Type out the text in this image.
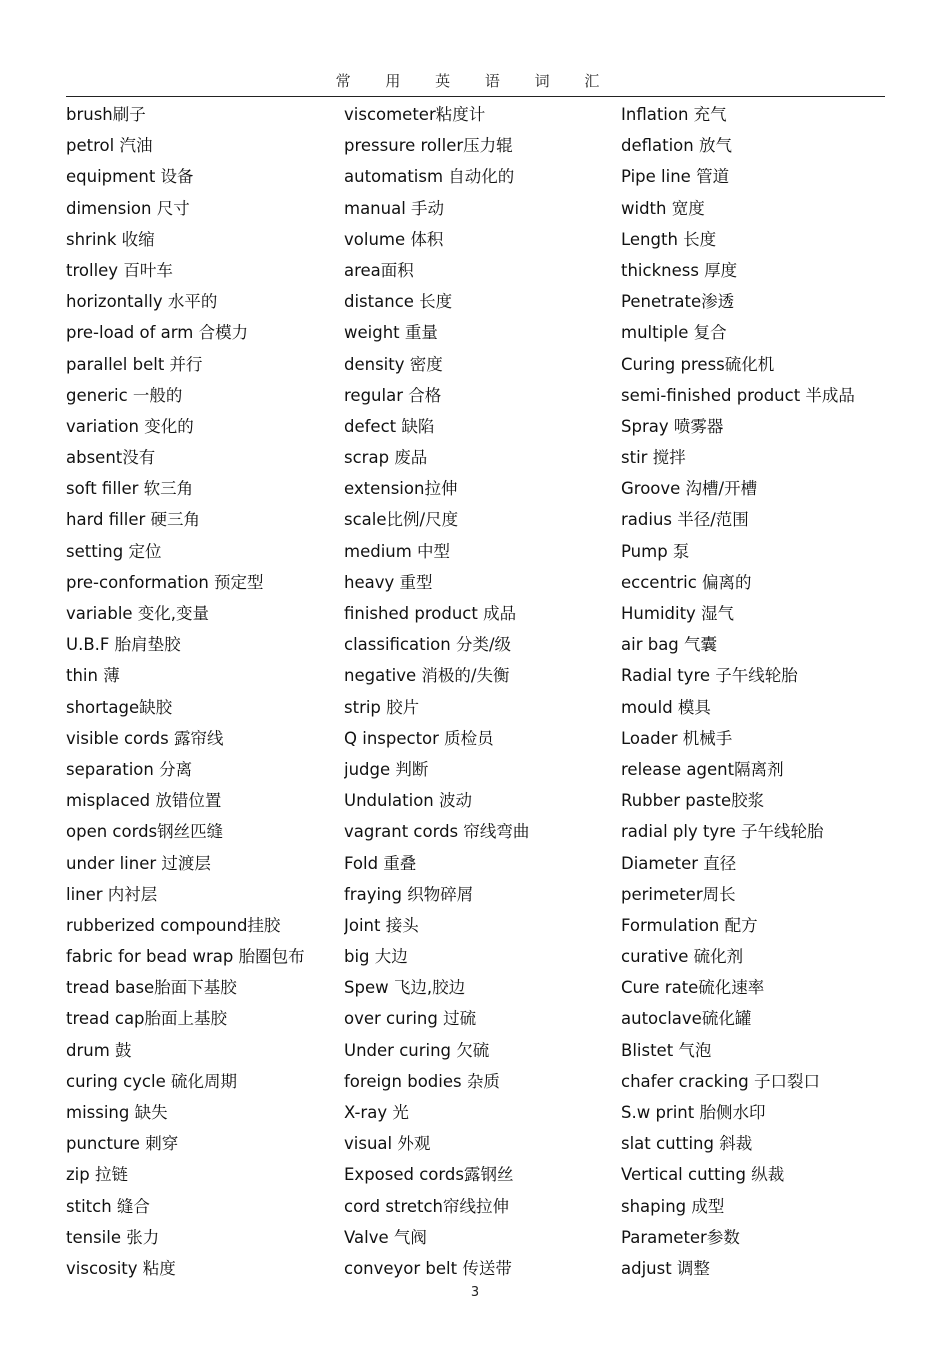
常 用 英 语 词 汇
brush刷子
petrol 汽油
equipment 设备
dimension 尺寸
shrink 收缩
trolley 百叶车
horizontally 水平的
pre-load of arm 合模力
parallel belt 并行
generic 一般的
variation 变化的
absent没有
soft filler 软三角
hard filler 硬三角
setting 定位
pre-conformation 预定型
variable 变化,变量
U.B.F 胎肩垫胶
thin 薄
shortage缺胶
visible cords 露帘线
separation 分离
misplaced 放错位置
open cords钢丝匹缝
under liner 过渡层
liner 内衬层
rubberized compound挂胶
fabric for bead wrap 胎圈包布
tread base胎面下基胶
tread cap胎面上基胶
drum 鼓
curing cycle 硫化周期
missing 缺失
puncture 刺穿
zip 拉链
stitch 缝合
tensile 张力
viscosity 粘度
viscometer粘度计
pressure roller压力辊
automatism 自动化的
manual 手动
volume 体积
area面积
distance 长度
weight 重量
density 密度
regular 合格
defect 缺陷
scrap 废品
extension拉伸
scale比例/尺度
medium 中型
heavy 重型
finished product 成品
classification 分类/级
negative 消极的/失衡
strip 胶片
Q inspector 质检员
judge 判断
Undulation 波动
vagrant cords 帘线弯曲
Fold 重叠
fraying 织物碎屑
Joint 接头
big 大边
Spew 飞边,胶边
over curing 过硫
Under curing 欠硫
foreign bodies 杂质
X-ray 光
visual 外观
Exposed cords露钢丝
cord stretch帘线拉伸
Valve 气阀
conveyor belt 传送带
Inflation 充气
deflation 放气
Pipe line 管道
width 宽度
Length 长度
thickness 厚度
Penetrate渗透
multiple 复合
Curing press硫化机
semi-finished product 半成品
Spray 喷雾器
stir 搅拌
Groove 沟槽/开槽
radius 半径/范围
Pump 泵
eccentric 偏离的
Humidity 湿气
air bag 气囊
Radial tyre 子午线轮胎
mould 模具
Loader 机械手
release agent隔离剂
Rubber paste胶浆
radial ply tyre 子午线轮胎
Diameter 直径
perimeter周长
Formulation 配方
curative 硫化剂
Cure rate硫化速率
autoclave硫化罐
Blistet 气泡
chafer cracking 子口裂口
S.w print 胎侧水印
slat cutting 斜裁
Vertical cutting 纵裁
shaping 成型
Parameter参数
adjust 调整
3
